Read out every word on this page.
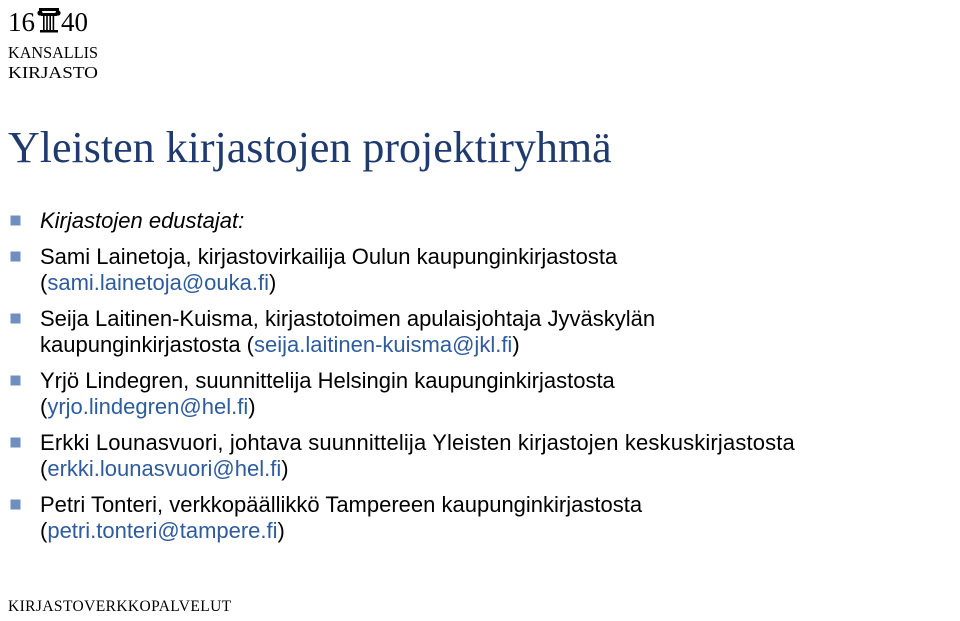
16 40
KANSALLIS
KIRJASTO
Yleisten kirjastojen projektiryhmä
Kirjastojen edustajat:
Sami Lainetoja, kirjastovirkailija Oulun kaupunginkirjastosta
(sami.lainetoja@ouka.fi)
Seija Laitinen-Kuisma, kirjastotoimen apulaisjohtaja Jyväskylän
kaupunginkirjastosta (seija.laitinen-kuisma@jkl.fi)
Yrjö Lindegren, suunnittelija Helsingin kaupunginkirjastosta
(yrjo.lindegren@hel.fi)
Erkki Lounasvuori, johtava suunnittelija Yleisten kirjastojen keskuskirjastosta
(erkki.lounasvuori@hel.fi)
Petri Tonteri, verkkopäällikkö Tampereen kaupunginkirjastosta
(petri.tonteri@tampere.fi)
KIRJASTOVERKKOPALVELUT
